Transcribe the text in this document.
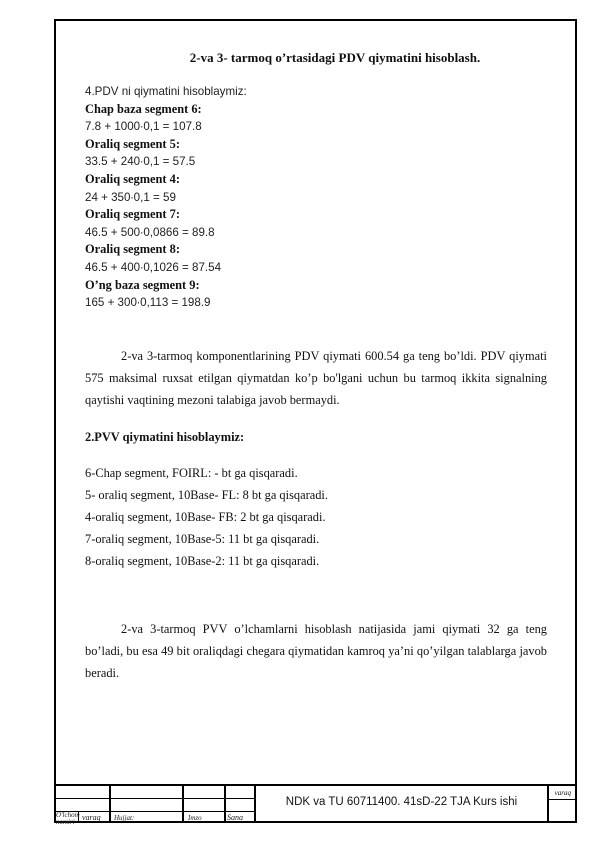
2-va 3- tarmoq o’rtasidagi PDV qiymatini hisoblash.
4.PDV ni qiymatini hisoblaymiz:
Chap baza segment 6:
7.8 + 1000∙0,1 = 107.8
Oraliq segment 5:
33.5 + 240∙0,1 = 57.5
Oraliq segment 4:
24 + 350∙0,1 = 59
Oraliq segment 7:
46.5 + 500∙0,0866 = 89.8
Oraliq segment 8:
46.5 + 400∙0,1026 = 87.54
O’ng baza segment 9:
165 + 300∙0,113 = 198.9

2-va 3-tarmoq komponentlarining PDV qiymati 600.54 ga teng bo’ldi. PDV qiymati 575 maksimal ruxsat etilgan qiymatdan ko’p bo'lgani uchun bu tarmoq ikkita signalning qaytishi vaqtining mezoni talabiga javob bermaydi.

2.PVV qiymatini hisoblaymiz:
6-Chap segment, FOIRL: - bt ga qisqaradi.
5- oraliq segment, 10Base- FL: 8 bt ga qisqaradi.
4-oraliq segment, 10Base- FB: 2 bt ga qisqaradi.
7-oraliq segment, 10Base-5: 11 bt ga qisqaradi.
8-oraliq segment, 10Base-2: 11 bt ga qisqaradi.

2-va 3-tarmoq PVV o’lchamlarni hisoblash natijasida jami qiymati 32 ga teng bo’ladi, bu esa 49 bit oraliqdagi chegara qiymatidan kamroq ya’ni qo’yilgan talablarga javob beradi.

O'lchom nomiri varaq Hujjat:	Imzo	Sana
NDK va TU 60711400. 41sD-22 TJA Kurs ishi
varaq
